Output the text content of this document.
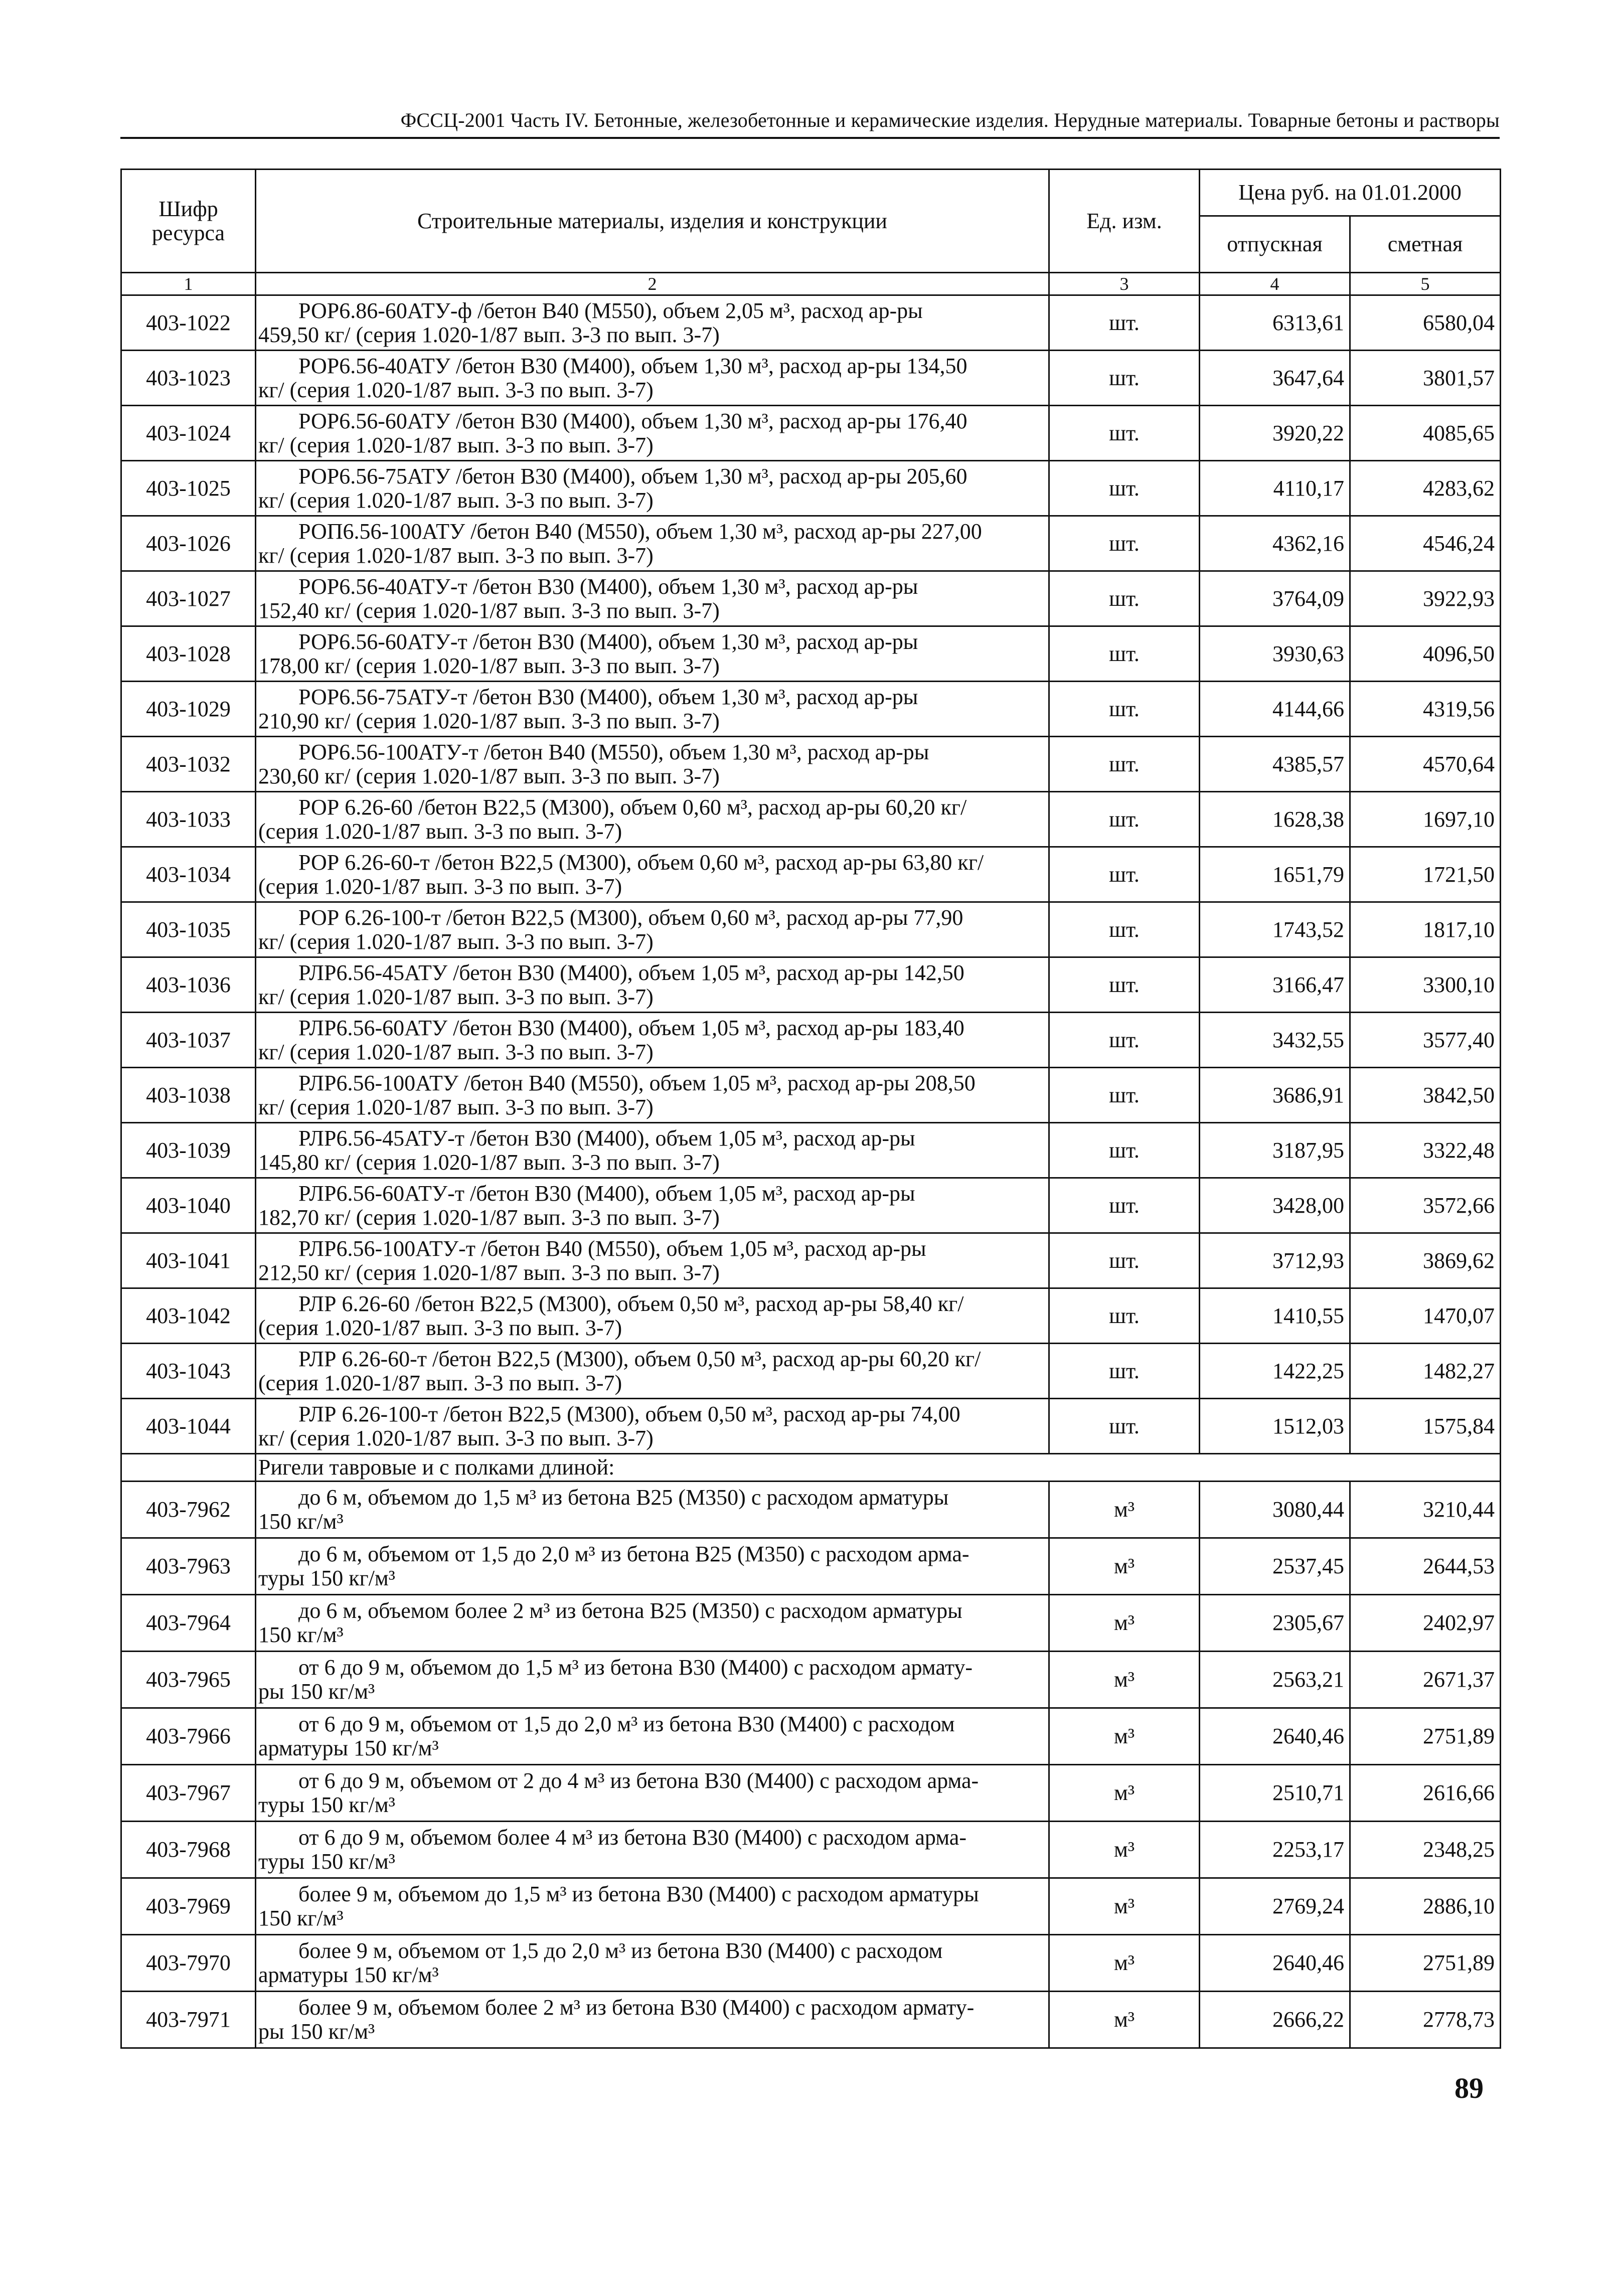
ФССЦ-2001 Часть IV. Бетонные, железобетонные и керамические изделия. Нерудные материалы. Товарные бетоны и растворы
Шифр ресурса	Строительные материалы, изделия и конструкции	Ед. изм.	Цена руб. на 01.01.2000	
			отпускная	сметная
1	2	3	4	5
403-1022	РОР6.86-60АТУ-ф /бетон В40 (М550), объем 2,05 м³, расход ар-ры
459,50 кг/ (серия 1.020-1/87 вып. 3-3 по вып. 3-7)	шт.	6313,61	6580,04
403-1023	РОР6.56-40АТУ /бетон В30 (М400), объем 1,30 м³, расход ар-ры 134,50
кг/ (серия 1.020-1/87 вып. 3-3 по вып. 3-7)	шт.	3647,64	3801,57
403-1024	РОР6.56-60АТУ /бетон В30 (М400), объем 1,30 м³, расход ар-ры 176,40
кг/ (серия 1.020-1/87 вып. 3-3 по вып. 3-7)	шт.	3920,22	4085,65
403-1025	РОР6.56-75АТУ /бетон В30 (М400), объем 1,30 м³, расход ар-ры 205,60
кг/ (серия 1.020-1/87 вып. 3-3 по вып. 3-7)	шт.	4110,17	4283,62
403-1026	РОП6.56-100АТУ /бетон В40 (М550), объем 1,30 м³, расход ар-ры 227,00
кг/ (серия 1.020-1/87 вып. 3-3 по вып. 3-7)	шт.	4362,16	4546,24
403-1027	РОР6.56-40АТУ-т /бетон В30 (М400), объем 1,30 м³, расход ар-ры
152,40 кг/ (серия 1.020-1/87 вып. 3-3 по вып. 3-7)	шт.	3764,09	3922,93
403-1028	РОР6.56-60АТУ-т /бетон В30 (М400), объем 1,30 м³, расход ар-ры
178,00 кг/ (серия 1.020-1/87 вып. 3-3 по вып. 3-7)	шт.	3930,63	4096,50
403-1029	РОР6.56-75АТУ-т /бетон В30 (М400), объем 1,30 м³, расход ар-ры
210,90 кг/ (серия 1.020-1/87 вып. 3-3 по вып. 3-7)	шт.	4144,66	4319,56
403-1032	РОР6.56-100АТУ-т /бетон В40 (М550), объем 1,30 м³, расход ар-ры
230,60 кг/ (серия 1.020-1/87 вып. 3-3 по вып. 3-7)	шт.	4385,57	4570,64
403-1033	РОР 6.26-60 /бетон В22,5 (М300), объем 0,60 м³, расход ар-ры 60,20 кг/
(серия 1.020-1/87 вып. 3-3 по вып. 3-7)	шт.	1628,38	1697,10
403-1034	РОР 6.26-60-т /бетон В22,5 (М300), объем 0,60 м³, расход ар-ры 63,80 кг/
(серия 1.020-1/87 вып. 3-3 по вып. 3-7)	шт.	1651,79	1721,50
403-1035	РОР 6.26-100-т /бетон В22,5 (М300), объем 0,60 м³, расход ар-ры 77,90
кг/ (серия 1.020-1/87 вып. 3-3 по вып. 3-7)	шт.	1743,52	1817,10
403-1036	РЛР6.56-45АТУ /бетон В30 (М400), объем 1,05 м³, расход ар-ры 142,50
кг/ (серия 1.020-1/87 вып. 3-3 по вып. 3-7)	шт.	3166,47	3300,10
403-1037	РЛР6.56-60АТУ /бетон В30 (М400), объем 1,05 м³, расход ар-ры 183,40
кг/ (серия 1.020-1/87 вып. 3-3 по вып. 3-7)	шт.	3432,55	3577,40
403-1038	РЛР6.56-100АТУ /бетон В40 (М550), объем 1,05 м³, расход ар-ры 208,50
кг/ (серия 1.020-1/87 вып. 3-3 по вып. 3-7)	шт.	3686,91	3842,50
403-1039	РЛР6.56-45АТУ-т /бетон В30 (М400), объем 1,05 м³, расход ар-ры
145,80 кг/ (серия 1.020-1/87 вып. 3-3 по вып. 3-7)	шт.	3187,95	3322,48
403-1040	РЛР6.56-60АТУ-т /бетон В30 (М400), объем 1,05 м³, расход ар-ры
182,70 кг/ (серия 1.020-1/87 вып. 3-3 по вып. 3-7)	шт.	3428,00	3572,66
403-1041	РЛР6.56-100АТУ-т /бетон В40 (М550), объем 1,05 м³, расход ар-ры
212,50 кг/ (серия 1.020-1/87 вып. 3-3 по вып. 3-7)	шт.	3712,93	3869,62
403-1042	РЛР 6.26-60 /бетон В22,5 (М300), объем 0,50 м³, расход ар-ры 58,40 кг/
(серия 1.020-1/87 вып. 3-3 по вып. 3-7)	шт.	1410,55	1470,07
403-1043	РЛР 6.26-60-т /бетон В22,5 (М300), объем 0,50 м³, расход ар-ры 60,20 кг/
(серия 1.020-1/87 вып. 3-3 по вып. 3-7)	шт.	1422,25	1482,27
403-1044	РЛР 6.26-100-т /бетон В22,5 (М300), объем 0,50 м³, расход ар-ры 74,00
кг/ (серия 1.020-1/87 вып. 3-3 по вып. 3-7)	шт.	1512,03	1575,84
	Ригели тавровые и с полками длиной:			
403-7962	до 6 м, объемом до 1,5 м³ из бетона В25 (М350) с расходом арматуры
150 кг/м³	м³	3080,44	3210,44
403-7963	до 6 м, объемом от 1,5 до 2,0 м³ из бетона В25 (М350) с расходом арма-
туры 150 кг/м³	м³	2537,45	2644,53
403-7964	до 6 м, объемом более 2 м³ из бетона В25 (М350) с расходом арматуры
150 кг/м³	м³	2305,67	2402,97
403-7965	от 6 до 9 м, объемом до 1,5 м³ из бетона В30 (М400) с расходом армату-
ры 150 кг/м³	м³	2563,21	2671,37
403-7966	от 6 до 9 м, объемом от 1,5 до 2,0 м³ из бетона В30 (М400) с расходом
арматуры 150 кг/м³	м³	2640,46	2751,89
403-7967	от 6 до 9 м, объемом от 2 до 4 м³ из бетона В30 (М400) с расходом арма-
туры 150 кг/м³	м³	2510,71	2616,66
403-7968	от 6 до 9 м, объемом более 4 м³ из бетона В30 (М400) с расходом арма-
туры 150 кг/м³	м³	2253,17	2348,25
403-7969	более 9 м, объемом до 1,5 м³ из бетона В30 (М400) с расходом арматуры
150 кг/м³	м³	2769,24	2886,10
403-7970	более 9 м, объемом от 1,5 до 2,0 м³ из бетона В30 (М400) с расходом
арматуры 150 кг/м³	м³	2640,46	2751,89
403-7971	более 9 м, объемом более 2 м³ из бетона В30 (М400) с расходом армату-
ры 150 кг/м³	м³	2666,22	2778,73
89
